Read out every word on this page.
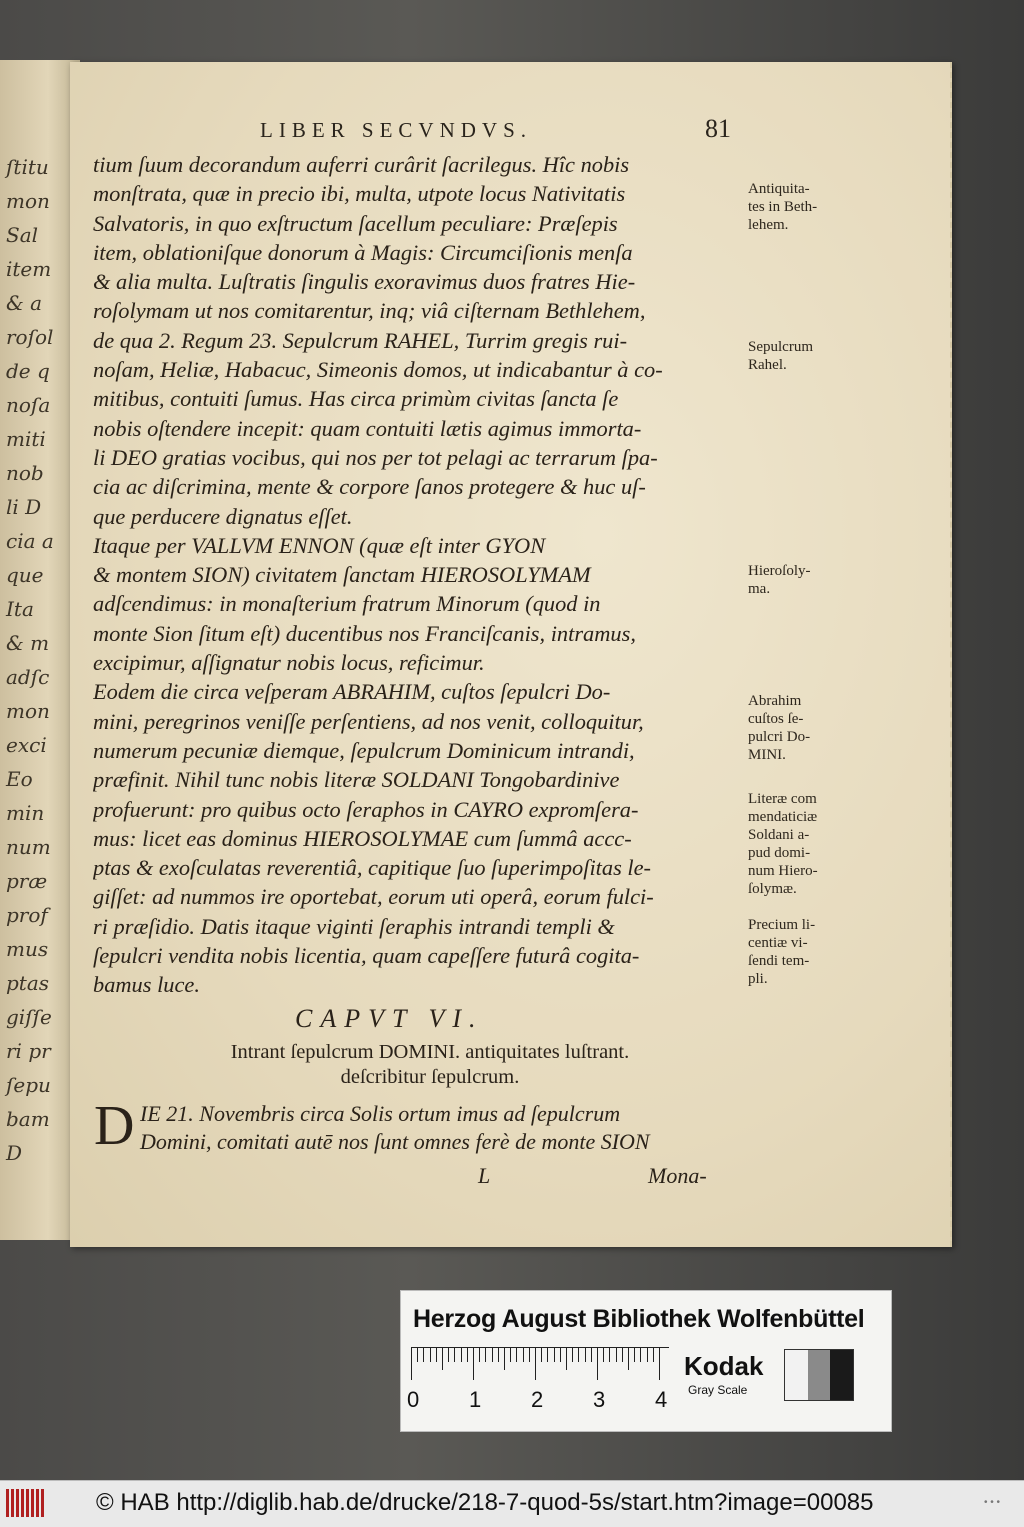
ſtitu
mon
Sal
item
& a
roſol
de q
noſa
miti
nob
li D
cia a
que
Ita
& m
adſc
mon
exci
Eo
min
num
præ
prof
mus
ptas
giſſe
ri pr
ſepu
bam
D
LIBER SECVNDVS.	81
tium ſuum decorandum auferri curârit ſacrilegus. Hîc nobis
monſtrata, quæ in precio ibi, multa, utpote locus Nativitatis
Salvatoris, in quo exſtructum ſacellum peculiare: Præſepis
item, oblationiſque donorum à Magis: Circumciſionis menſa
& alia multa. Luſtratis ſingulis exoravimus duos fratres Hie-
roſolymam ut nos comitarentur, inq; viâ ciſternam Bethlehem,
de qua 2. Regum 23. Sepulcrum RAHEL, Turrim gregis rui-
noſam, Heliæ, Habacuc, Simeonis domos, ut indicabantur à co-
mitibus, contuiti ſumus. Has circa primùm civitas ſancta ſe
nobis oſtendere incepit: quam contuiti lætis agimus immorta-
li DEO gratias vocibus, qui nos per tot pelagi ac terrarum ſpa-
cia ac diſcrimina, mente & corpore ſanos protegere & huc uſ-
que perducere dignatus eſſet.
Itaque per VALLVM ENNON (quæ eſt inter GYON
& montem SION) civitatem ſanctam HIEROSOLYMAM
adſcendimus: in monaſterium fratrum Minorum (quod in
monte Sion ſitum eſt) ducentibus nos Franciſcanis, intramus,
excipimur, aſſignatur nobis locus, reficimur.
Eodem die circa veſperam ABRAHIM, cuſtos ſepulcri Do-
mini, peregrinos veniſſe perſentiens, ad nos venit, colloquitur,
numerum pecuniæ diemque, ſepulcrum Dominicum intrandi,
præfinit. Nihil tunc nobis literæ SOLDANI Tongobardinive
profuerunt: pro quibus octo ſeraphos in CAYRO expromſera-
mus: licet eas dominus HIEROSOLYMAE cum ſummâ accc-
ptas & exoſculatas reverentiâ, capitique ſuo ſuperimpoſitas le-
giſſet: ad nummos ire oportebat, eorum uti operâ, eorum fulci-
ri præſidio. Datis itaque viginti ſeraphis intrandi templi &
ſepulcri vendita nobis licentia, quam capeſſere futurâ cogita-
bamus luce.
Antiquita-
tes in Beth-
lehem.
Sepulcrum
Rahel.
Hieroſoly-
ma.
Abrahim
cuſtos ſe-
pulcri Do-
MINI.
Literæ com
mendaticiæ
Soldani a-
pud domi-
num Hiero-
ſolymæ.
Precium li-
centiæ vi-
ſendi tem-
pli.
CAPVT VI.
Intrant ſepulcrum DOMINI. antiquitates luſtrant.
deſcribitur ſepulcrum.
D IE 21. Novembris circa Solis ortum imus ad ſepulcrum
Domini, comitati autē nos ſunt omnes ferè de monte SION
L	Mona-
Herzog August Bibliothek Wolfenbüttel
0 1 2 3 4
Kodak
Gray Scale
© HAB http://diglib.hab.de/drucke/218-7-quod-5s/start.htm?image=00085	• • •
